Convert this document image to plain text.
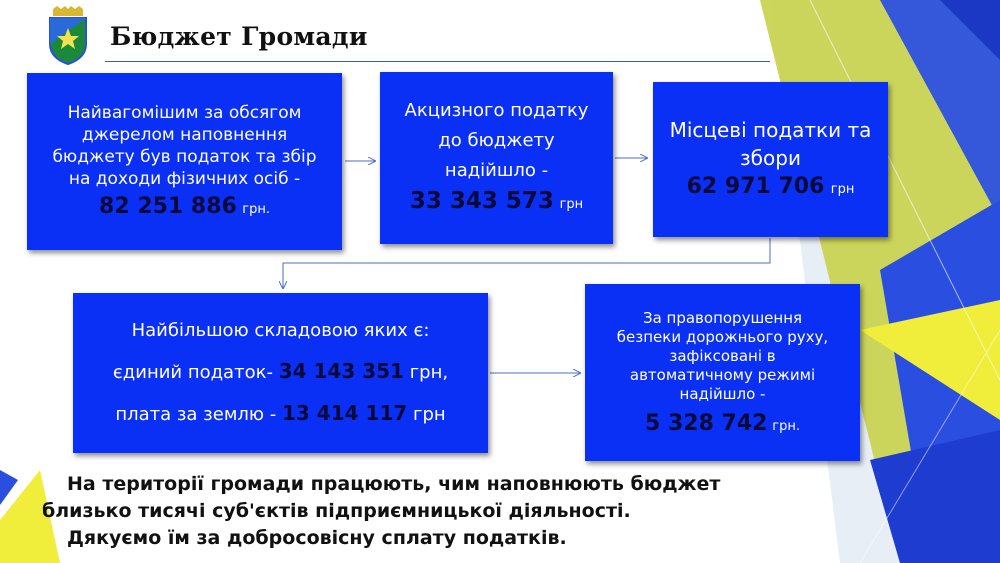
Бюджет Громади
Найвагомішим за обсягом джерелом наповнення бюджету був податок та збір на доходи фізичних осіб -
82 251 886 грн.
Акцизного податку
до бюджету
надійшло -
33 343 573 грн
Місцеві податки та
збори
62 971 706 грн
Найбільшою складовою яких є:
єдиний податок- 34 143 351 грн,
плата за землю - 13 414 117 грн
За правопорушення безпеки дорожнього руху, зафіксовані в автоматичному режимі надійшло -
5 328 742 грн.
На території громади працюють, чим наповнюють бюджет
близько тисячі суб'єктів підприємницької діяльності.
Дякуємо їм за добросовісну сплату податків.
